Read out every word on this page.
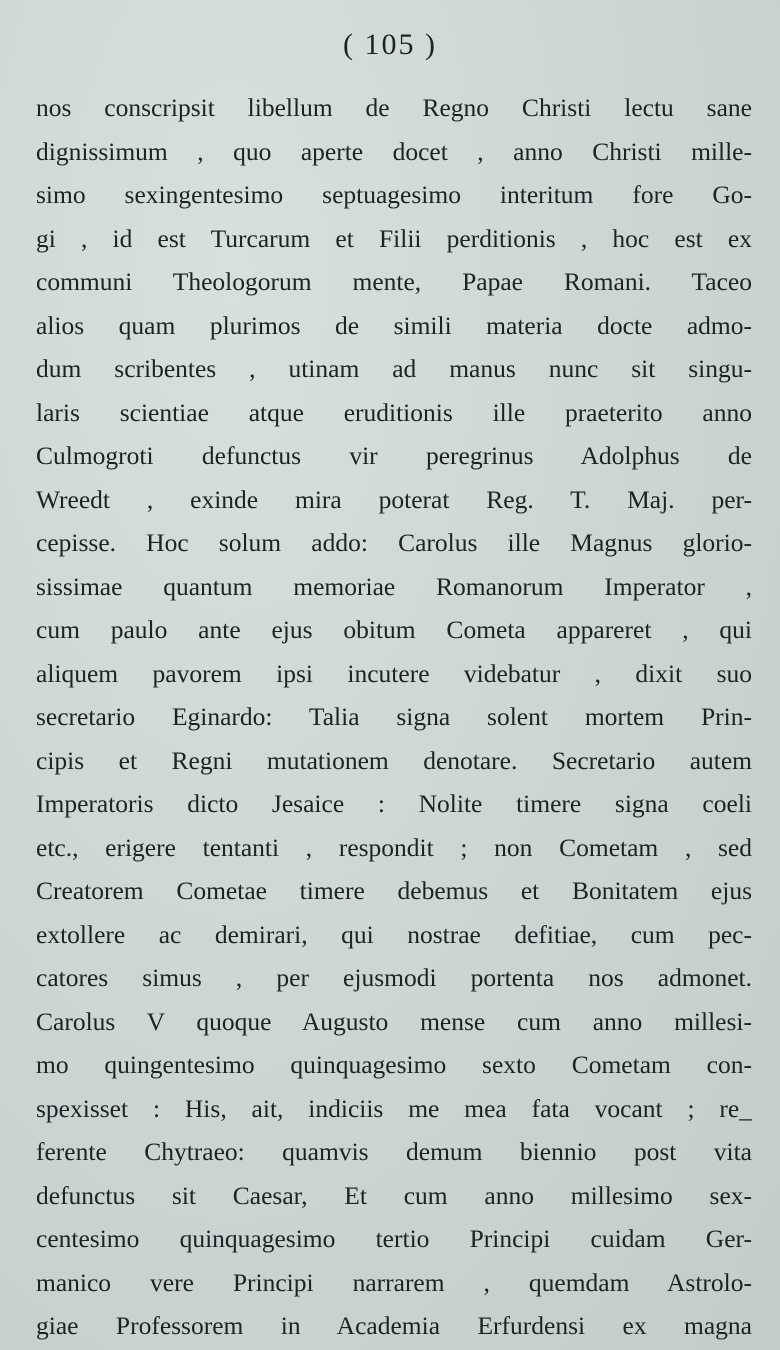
( 105 )
nos conscripsit libellum de Regno Christi lectu sane
dignissimum , quo aperte docet , anno Christi mille-
simo sexingentesimo septuagesimo interitum fore Go-
gi , id est Turcarum et Filii perditionis , hoc est ex
communi Theologorum mente, Papae Romani. Taceo
alios quam plurimos de simili materia docte admo-
dum scribentes , utinam ad manus nunc sit singu-
laris scientiae atque eruditionis ille praeterito anno
Culmogroti defunctus vir peregrinus Adolphus de
Wreedt , exinde mira poterat Reg. T. Maj. per-
cepisse. Hoc solum addo: Carolus ille Magnus glorio-
sissimae quantum memoriae Romanorum Imperator ,
cum paulo ante ejus obitum Cometa appareret , qui
aliquem pavorem ipsi incutere videbatur , dixit suo
secretario Eginardo: Talia signa solent mortem Prin-
cipis et Regni mutationem denotare. Secretario autem
Imperatoris dicto Jesaice : Nolite timere signa coeli
etc., erigere tentanti , respondit ; non Cometam , sed
Creatorem Cometae timere debemus et Bonitatem ejus
extollere ac demirari, qui nostrae defitiae, cum pec-
catores simus , per ejusmodi portenta nos admonet.
Carolus V quoque Augusto mense cum anno millesi-
mo quingentesimo quinquagesimo sexto Cometam con-
spexisset : His, ait, indiciis me mea fata vocant ; re_
ferente Chytraeo: quamvis demum biennio post vita
defunctus sit Caesar, Et cum anno millesimo sex-
centesimo quinquagesimo tertio Principi cuidam Ger-
manico vere Principi narrarem , quemdam Astrolo-
giae Professorem in Academia Erfurdensi ex magna
